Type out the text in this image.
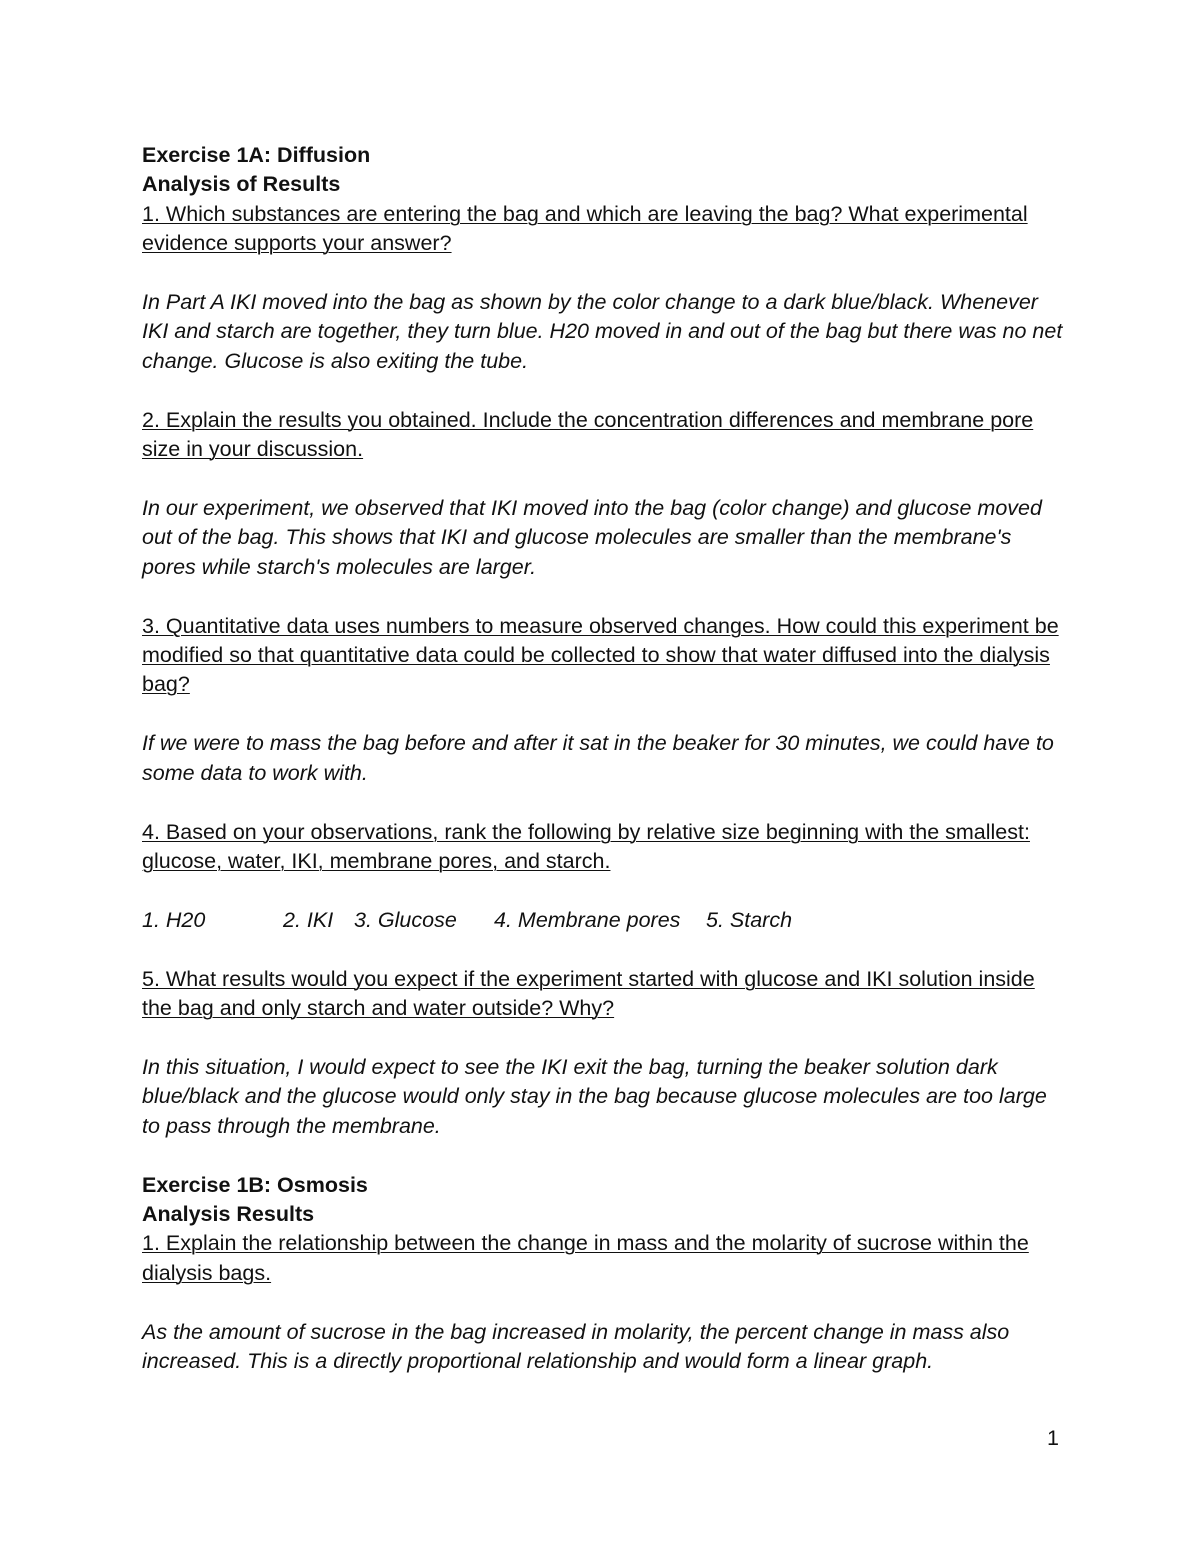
Exercise 1A: Diffusion

Analysis of Results

1. Which substances are entering the bag and which are leaving the bag? What experimental

evidence supports your answer?

In Part A IKI moved into the bag as shown by the color change to a dark blue/black. Whenever

IKI and starch are together, they turn blue. H20 moved in and out of the bag but there was no net

change. Glucose is also exiting the tube.

2. Explain the results you obtained. Include the concentration differences and membrane pore

size in your discussion.

In our experiment, we observed that IKI moved into the bag (color change) and glucose moved

out of the bag. This shows that IKI and glucose molecules are smaller than the membrane's

pores while starch's molecules are larger.

3. Quantitative data uses numbers to measure observed changes. How could this experiment be

modified so that quantitative data could be collected to show that water diffused into the dialysis

bag?

If we were to mass the bag before and after it sat in the beaker for 30 minutes, we could have to

some data to work with.

4. Based on your observations, rank the following by relative size beginning with the smallest:

glucose, water, IKI, membrane pores, and starch.

1. H20	2. IKI 3. Glucose 4. Membrane pores 5. Starch

5. What results would you expect if the experiment started with glucose and IKI solution inside

the bag and only starch and water outside? Why?

In this situation, I would expect to see the IKI exit the bag, turning the beaker solution dark

blue/black and the glucose would only stay in the bag because glucose molecules are too large

to pass through the membrane.

Exercise 1B: Osmosis

Analysis Results

1. Explain the relationship between the change in mass and the molarity of sucrose within the

dialysis bags.

As the amount of sucrose in the bag increased in molarity, the percent change in mass also

increased. This is a directly proportional relationship and would form a linear graph.

1
